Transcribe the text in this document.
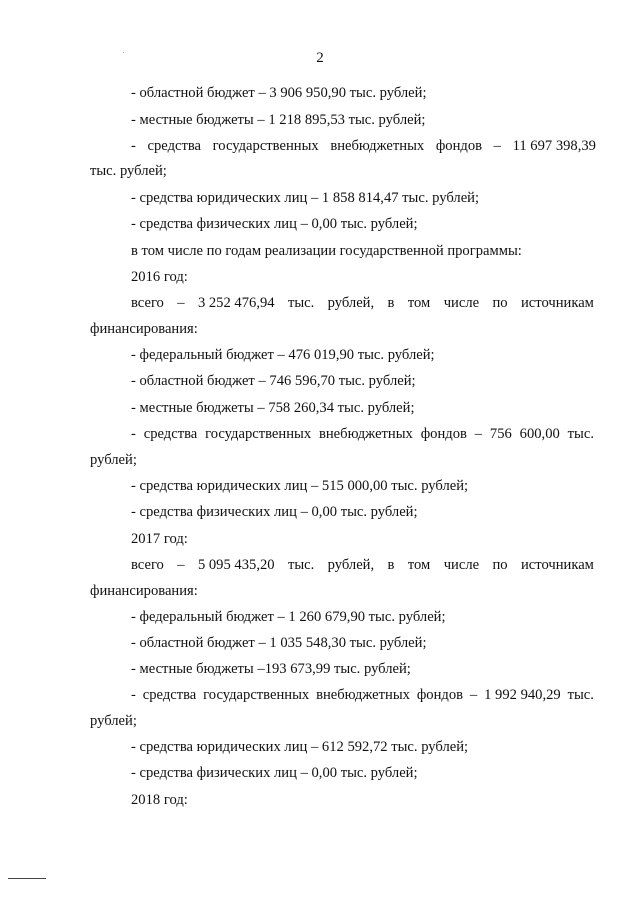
2
- областной бюджет – 3 906 950,90 тыс. рублей;
- местные бюджеты – 1 218 895,53 тыс. рублей;
- средства государственных внебюджетных фондов – 11 697 398,39
тыс. рублей;
- средства юридических лиц – 1 858 814,47 тыс. рублей;
- средства физических лиц – 0,00 тыс. рублей;
в том числе по годам реализации государственной программы:
2016 год:
всего – 3 252 476,94 тыс. рублей, в том числе по источникам
финансирования:
- федеральный бюджет – 476 019,90 тыс. рублей;
- областной бюджет – 746 596,70 тыс. рублей;
- местные бюджеты – 758 260,34 тыс. рублей;
- средства государственных внебюджетных фондов – 756 600,00 тыс.
рублей;
- средства юридических лиц – 515 000,00 тыс. рублей;
- средства физических лиц – 0,00 тыс. рублей;
2017 год:
всего – 5 095 435,20 тыс. рублей, в том числе по источникам
финансирования:
- федеральный бюджет – 1 260 679,90 тыс. рублей;
- областной бюджет – 1 035 548,30 тыс. рублей;
- местные бюджеты –193 673,99 тыс. рублей;
- средства государственных внебюджетных фондов – 1 992 940,29 тыс.
рублей;
- средства юридических лиц – 612 592,72 тыс. рублей;
- средства физических лиц – 0,00 тыс. рублей;
2018 год:
